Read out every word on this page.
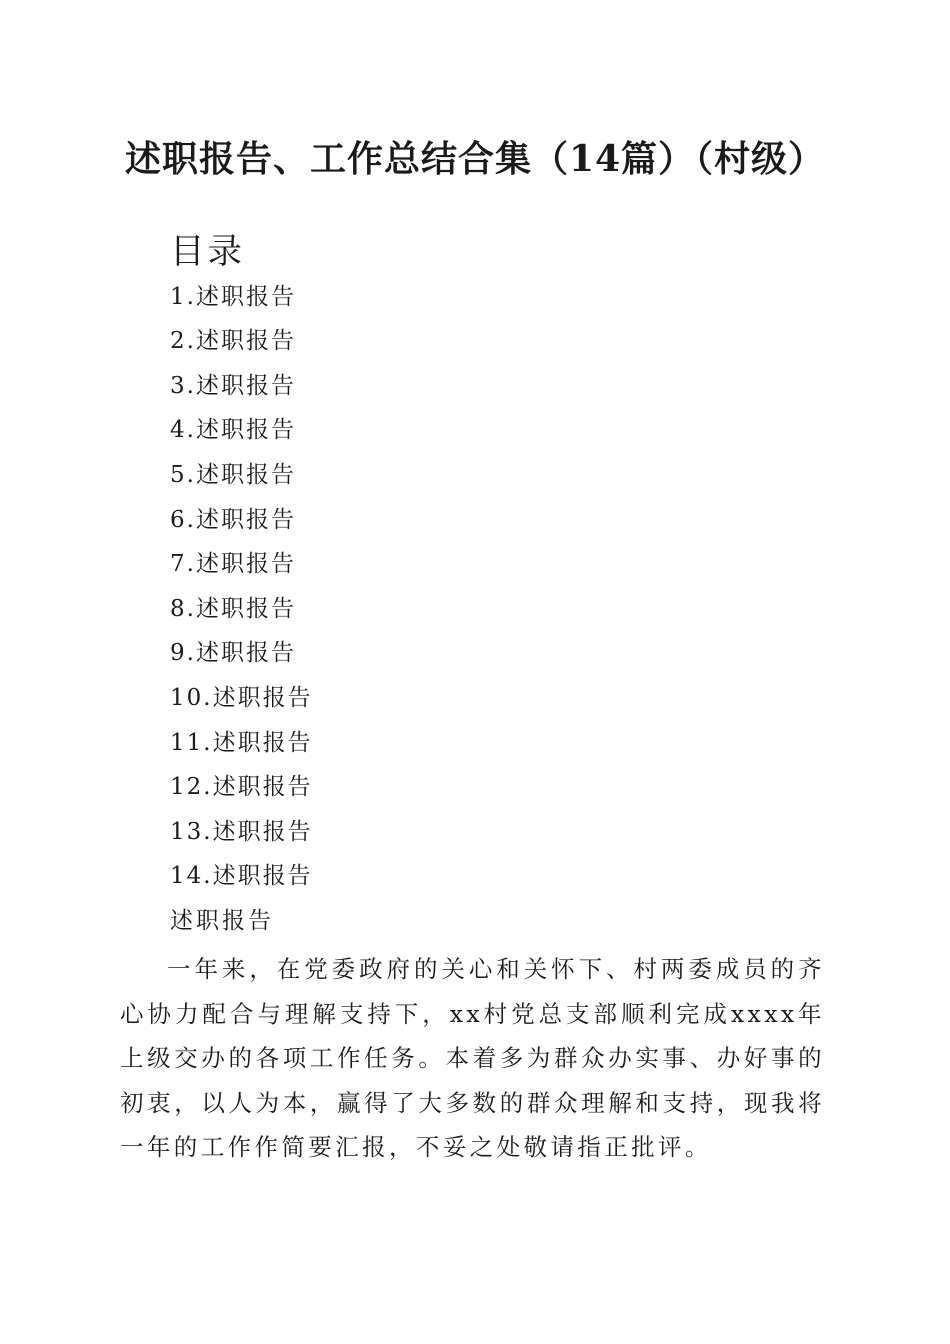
述职报告、工作总结合集（14篇）（村级）
目录
1.述职报告
2.述职报告
3.述职报告
4.述职报告
5.述职报告
6.述职报告
7.述职报告
8.述职报告
9.述职报告
10.述职报告
11.述职报告
12.述职报告
13.述职报告
14.述职报告
述职报告

一年来，在党委政府的关心和关怀下、村两委成员的齐心协力配合与理解支持下，xx村党总支部顺利完成xxxx年上级交办的各项工作任务。本着多为群众办实事、办好事的初衷，以人为本，赢得了大多数的群众理解和支持，现我将一年的工作作简要汇报，不妥之处敬请指正批评。
